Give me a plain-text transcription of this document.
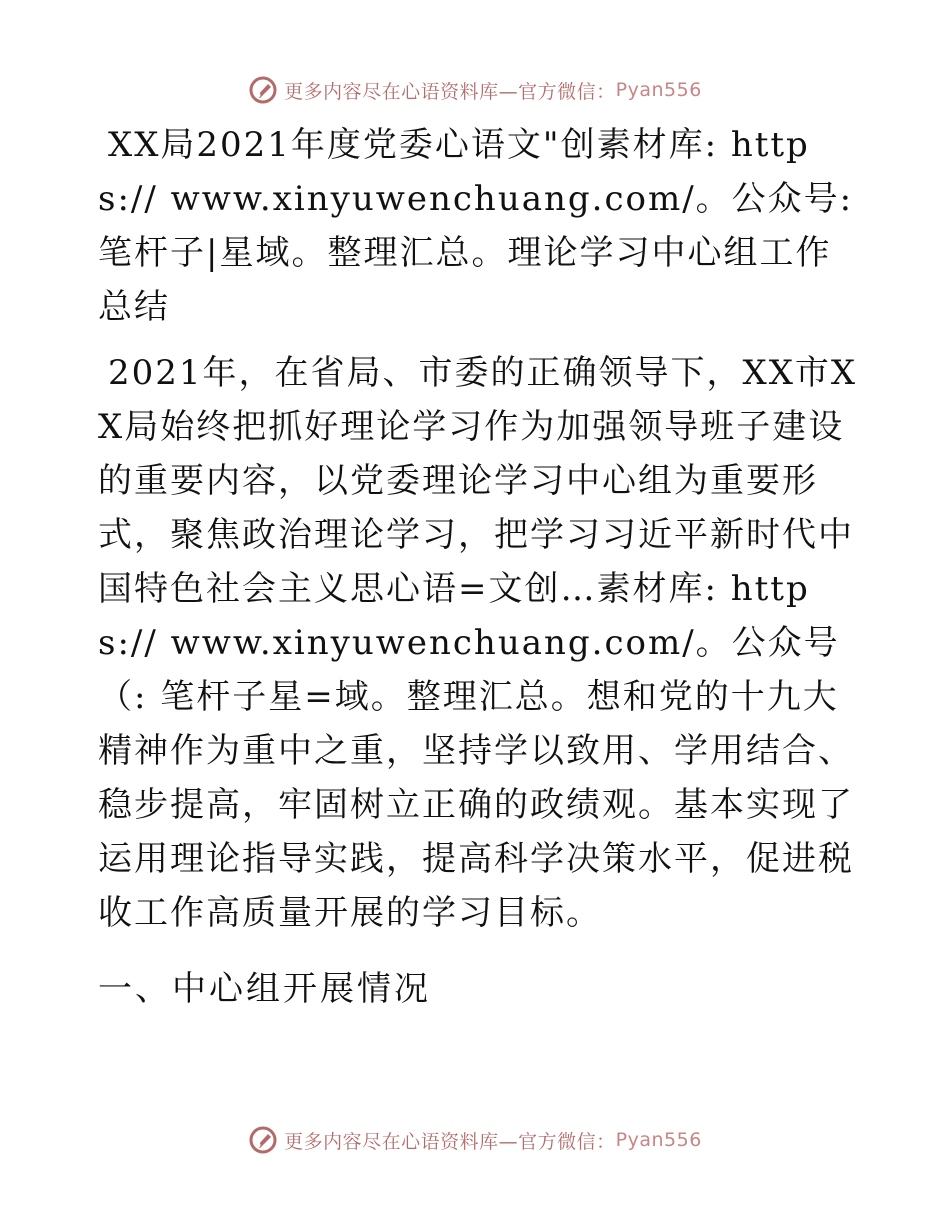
更多内容尽在心语资料库—官方微信： Pyan556

XX局2021年度党委心语文"创素材库: https:// www.xinyuwenchuang.com/。公众号: 笔杆子|星域。整理汇总。理论学习中心组工作总结

2021年，在省局、市委的正确领导下，XX市XX局始终把抓好理论学习作为加强领导班子建设的重要内容，以党委理论学习中心组为重要形式，聚焦政治理论学习，把学习习近平新时代中国特色社会主义思心语=文创…素材库: https:// www.xinyuwenchuang.com/。公众号（: 笔杆子星=域。整理汇总。想和党的十九大精神作为重中之重，坚持学以致用、学用结合、稳步提高，牢固树立正确的政绩观。基本实现了运用理论指导实践，提高科学决策水平，促进税收工作高质量开展的学习目标。

一、中心组开展情况

更多内容尽在心语资料库—官方微信： Pyan556
